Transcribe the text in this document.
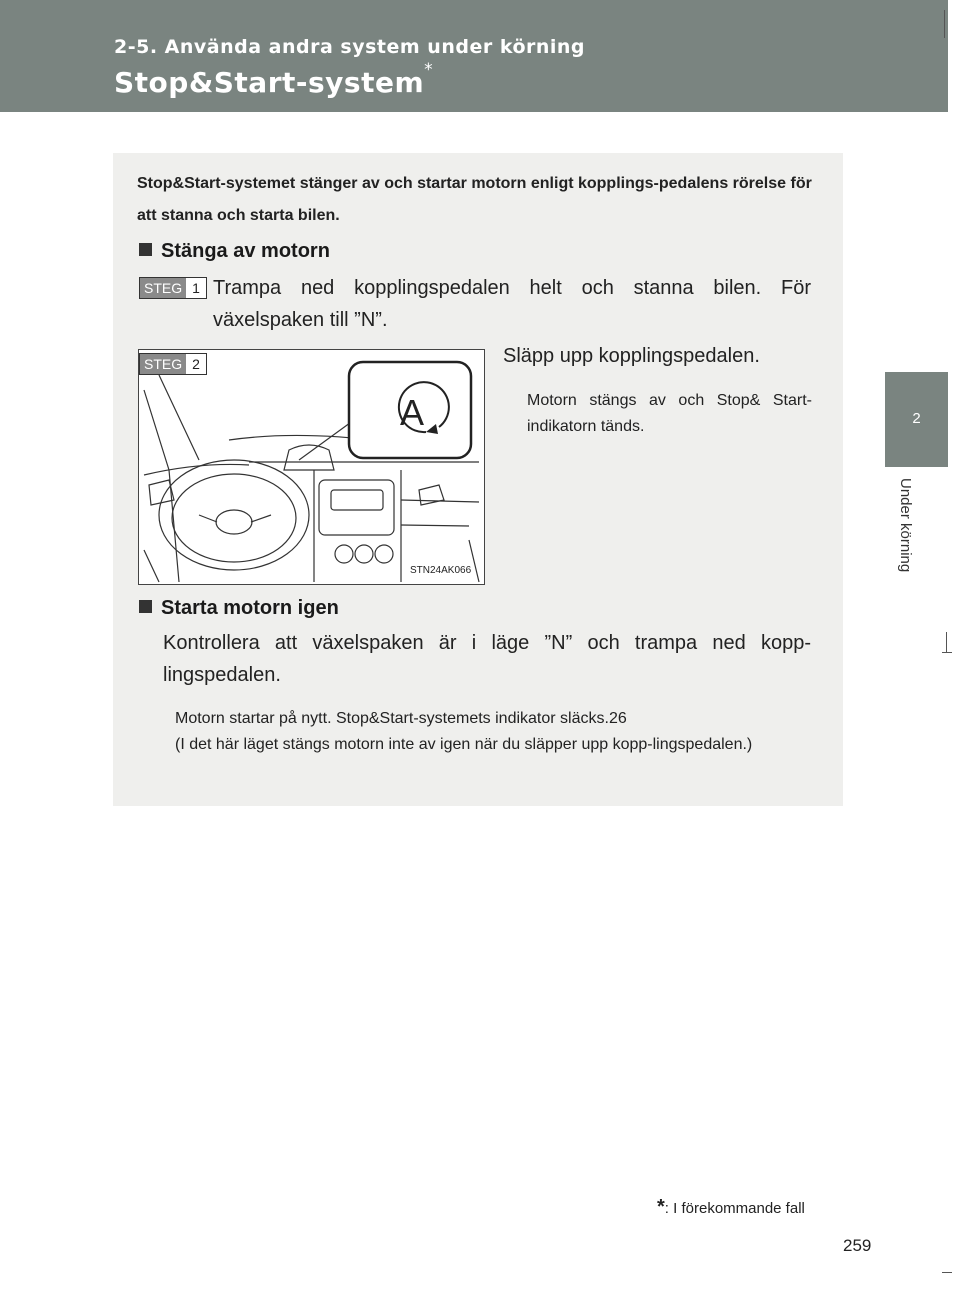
2-5. Använda andra system under körning
Stop&Start-system*
2
Under körning
Stop&Start-systemet stänger av och startar motorn enligt kopplings-pedalens rörelse för att stanna och starta bilen.
Stänga av motorn
STEG 1 Trampa ned kopplingspedalen helt och stanna bilen. För växelspaken till ”N”.
A
STEG 2
STN24AK066
Släpp upp kopplingspedalen.
Motorn stängs av och Stop& Start-indikatorn tänds.
Starta motorn igen
Kontrollera att växelspaken är i läge ”N” och trampa ned kopp-lingspedalen.
Motorn startar på nytt. Stop&Start-systemets indikator släcks.26
(I det här läget stängs motorn inte av igen när du släpper upp kopp-lingspedalen.)
*: I förekommande fall
259
